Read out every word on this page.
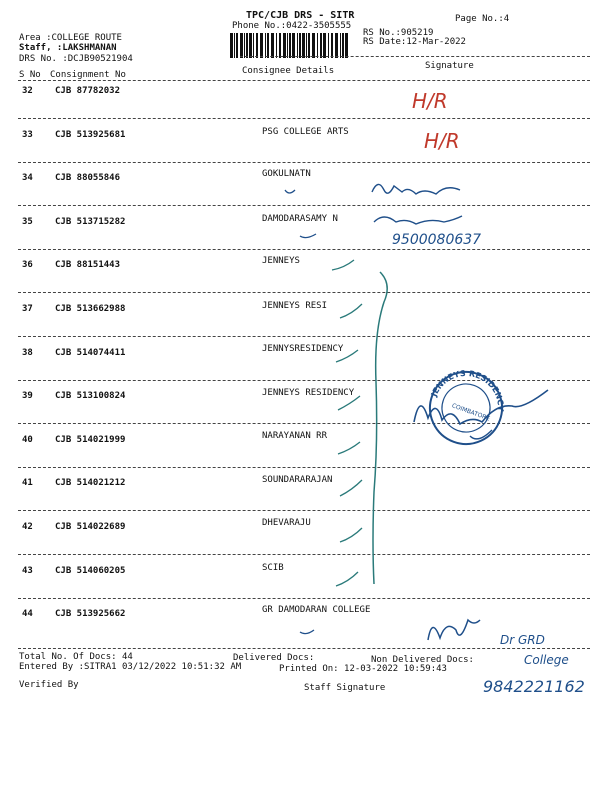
TPC/CJB DRS - SITR
Phone No.:0422-3505555
Page No.:4
RS No.:905219
RS Date:12-Mar-2022
Area :COLLEGE ROUTE
Staff, :LAKSHMANAN
DRS No. :DCJB90521904
Signature
S No Consignment No	Consignee Details
32 CJB 87782032
33 CJB 513925681	PSG COLLEGE ARTS
34 CJB 88055846	GOKULNATN
35 CJB 513715282	DAMODARASAMY N
36 CJB 88151443	JENNEYS
37 CJB 513662988	JENNEYS RESI
38 CJB 514074411	JENNYSRESIDENCY
39 CJB 513100824	JENNEYS RESIDENCY
40 CJB 514021999	NARAYANAN RR
41 CJB 514021212	SOUNDARARAJAN
42 CJB 514022689	DHEVARAJU
43 CJB 514060205	SCIB
44 CJB 513925662	GR DAMODARAN COLLEGE
Total No. Of Docs: 44	Delivered Docs:	Non Delivered Docs:
Entered By :SITRA1 03/12/2022 10:51:32 AM	Printed On: 12-03-2022 10:59:43
Verified By	Staff Signature
H/R
H/R
9500080637
JENNEYS RESIDENCY
COIMBATORE
Dr GRD
College
9842221162
